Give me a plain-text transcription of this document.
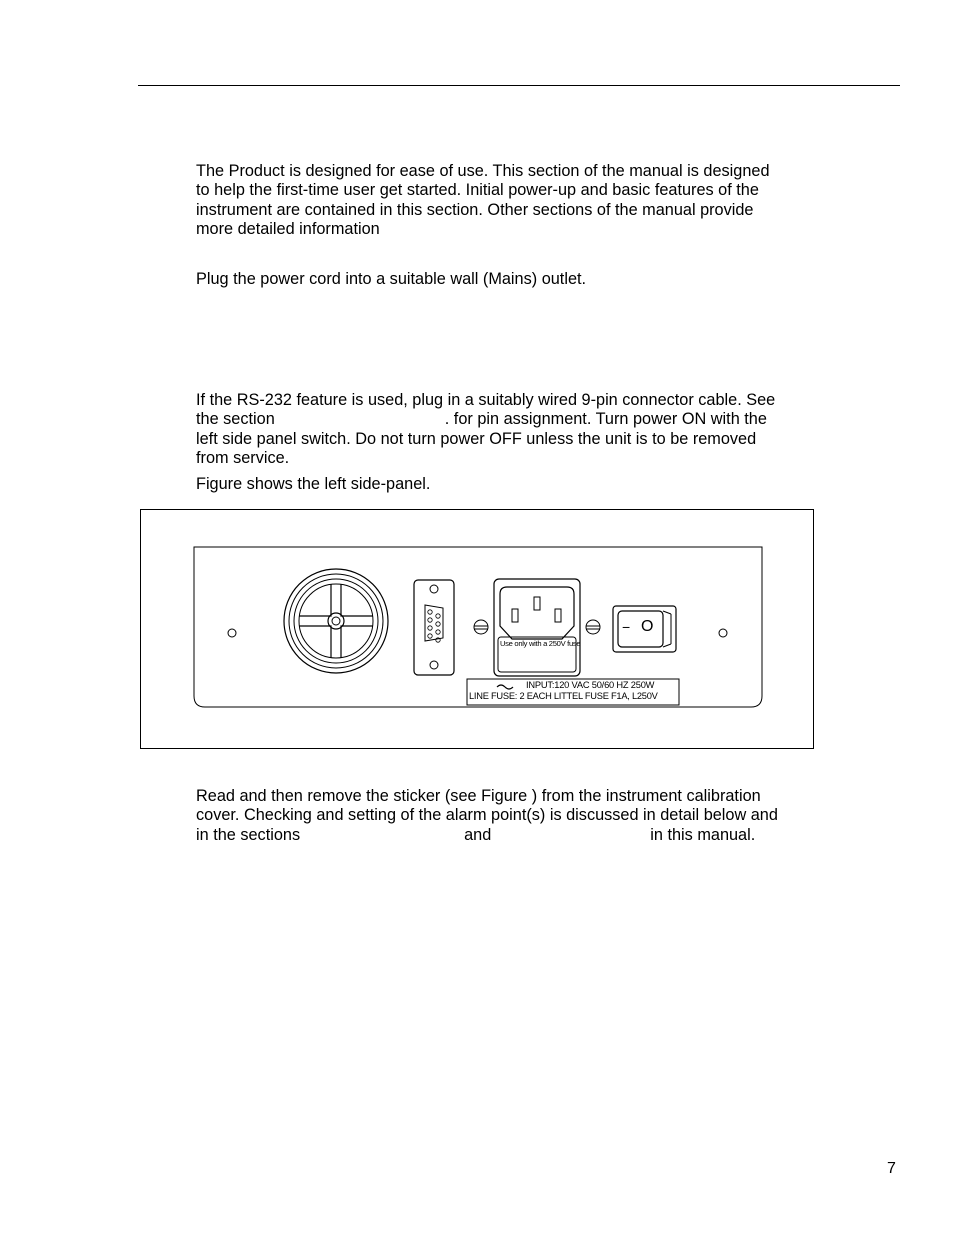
The Product is designed for ease of use. This section of the manual is designed
to help the first-time user get started. Initial power-up and basic features of the
instrument are contained in this section. Other sections of the manual provide
more detailed information

Plug the power cord into a suitable wall (Mains) outlet.

If the RS-232 feature is used, plug in a suitably wired 9-pin connector cable. See
the section	. for pin assignment. Turn power ON with the
left side panel switch. Do not turn power OFF unless the unit is to be removed
from service.

Figure shows the left side-panel.

Use only with a 250V fuse
− O
INPUT:120 VAC 50/60 HZ 250W
LINE FUSE: 2 EACH LITTEL FUSE F1A, L250V
Read and then remove the sticker (see Figure ) from the instrument calibration
cover. Checking and setting of the alarm point(s) is discussed in detail below and
in the sections	and	in this manual.
7
